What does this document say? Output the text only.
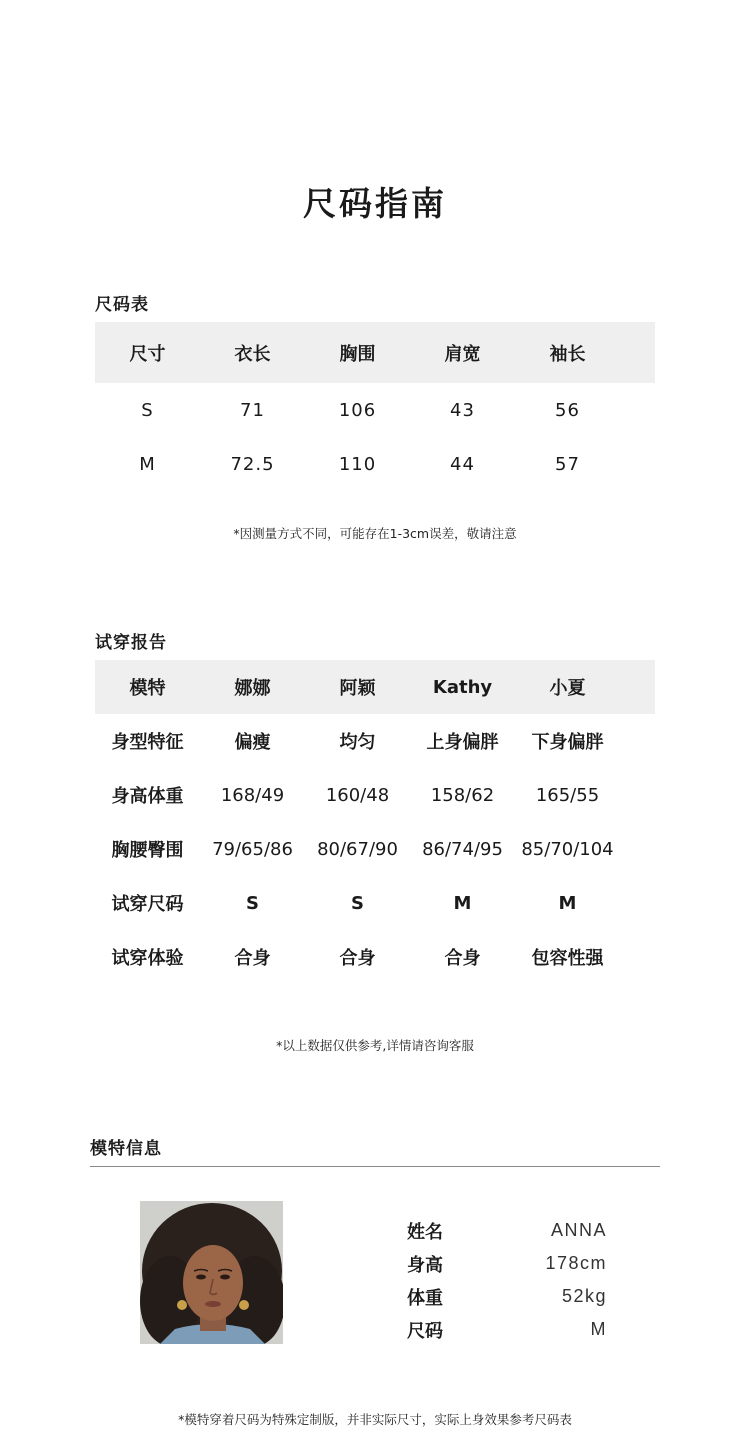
尺码指南
尺码表
尺寸	衣长	胸围	肩宽	袖长
S	71	106	43	56
M	72.5	110	44	57
*因测量方式不同，可能存在1-3cm误差，敬请注意
试穿报告
模特	娜娜	阿颖	Kathy	小夏
身型特征	偏瘦	均匀	上身偏胖	下身偏胖
身高体重	168/49	160/48	158/62	165/55
胸腰臀围	79/65/86	80/67/90	86/74/95	85/70/104
试穿尺码	S	S	M	M
试穿体验	合身	合身	合身	包容性强
*以上数据仅供参考,详情请咨询客服
模特信息
姓名	ANNA
身高	178cm
体重	52kg
尺码	M
*模特穿着尺码为特殊定制版，并非实际尺寸，实际上身效果参考尺码表
